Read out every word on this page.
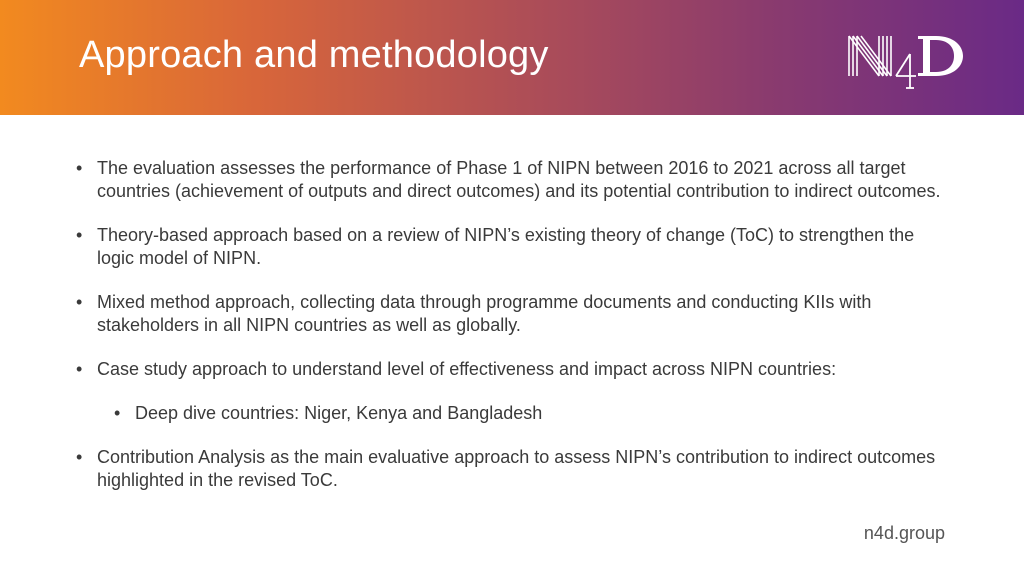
Approach and methodology
• The evaluation assesses the performance of Phase 1 of NIPN between 2016 to 2021 across all target countries (achievement of outputs and direct outcomes) and its potential contribution to indirect outcomes.
• Theory-based approach based on a review of NIPN’s existing theory of change (ToC) to strengthen the logic model of NIPN.
• Mixed method approach, collecting data through programme documents and conducting KIIs with stakeholders in all NIPN countries as well as globally.
• Case study approach to understand level of effectiveness and impact across NIPN countries:
• Deep dive countries: Niger, Kenya and Bangladesh
• Contribution Analysis as the main evaluative approach to assess NIPN’s contribution to indirect outcomes highlighted in the revised ToC.
n4d.group
